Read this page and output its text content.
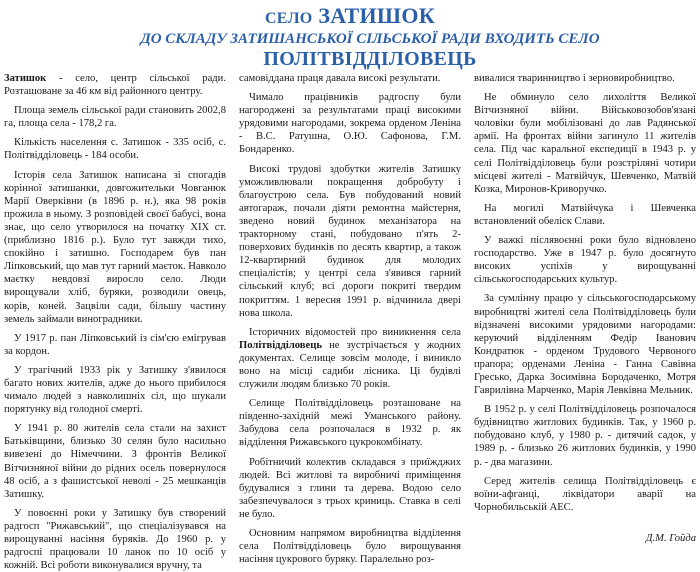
СЕЛО ЗАТИШОК
ДО СКЛАДУ ЗАТИШАНСЬКОЇ СІЛЬСЬКОЇ РАДИ ВХОДИТЬ СЕЛО
ПОЛІТВІДДІЛОВЕЦЬ

Затишок - село, центр сільської ради. Розташоване за 46 км від районного центру.

Площа земель сільської ради становить 2002,8 га, площа села - 178,2 га.

Кількість населення с. Затишок - 335 осіб, с. Політвідділовець - 184 особи.

Історія села Затишок написана зі спогадів корінної затишанки, довгожительки Човганюк Марії Оверківни (в 1896 р. н.), яка 98 років прожила в ньому. З розповідей своєї бабусі, вона знає, що село утворилося на початку XIX ст. (приблизно 1816 р.). Було тут завжди тихо, спокійно і затишно. Господарем був пан Ліпковський, що мав тут гарний маєток. Навколо маєтку невдовзі виросло село. Люди вирощували хліб, буряки, розводили овець, корів, коней. Зацвіли сади, більшу частину земель займали виноградники.

У 1917 р. пан Ліпковський із сім'єю емігрував за кордон.

У трагічний 1933 рік у Затишку з'явилося багато нових жителів, адже до нього прибилося чимало людей з навколишніх сіл, що шукали порятунку від голодної смерті.

У 1941 р. 80 жителів села стали на захист Батьківщини, близько 30 селян було насильно вивезені до Німеччини. З фронтів Великої Вітчизняної війни до рідних осель повернулося 48 осіб, а з фашистської неволі - 25 мешканців Затишку.

У повоєнні роки у Затишку був створений радгосп "Рижавський", що спеціалізувався на вирощуванні насіння буряків. До 1960 р. у радгоспі працювали 10 ланок по 10 осіб у кожній. Всі роботи виконувалися вручну, та

самовіддана праця давала високі результати.

Чимало працівників радгоспу були нагороджені за результатами праці високими урядовими нагородами, зокрема орденом Леніна - В.С. Ратушна, О.Ю. Сафонова, Г.М. Бондаренко.

Високі трудові здобутки жителів Затишку уможливлювали покращення добробуту і благоустрою села. Був побудований новий автогараж, почали діяти ремонтна майстерня, зведено новий будинок механізатора на тракторному стані, побудовано п'ять 2-поверхових будинків по десять квартир, а також 12-квартирний будинок для молодих спеціалістів; у центрі села з'явився гарний сільський клуб; всі дороги покриті твердим покриттям. 1 вересня 1991 р. відчинила двері нова школа.

Історичних відомостей про виникнення села Політвідділовець не зустрічається у жодних документах. Селище зовсім молоде, і виникло воно на місці садиби лісника. Ці будівлі служили людям близько 70 років.

Селище Політвідділовець розташоване на південно-західній межі Уманського району. Забудова села розпочалася в 1932 р. як відділення Рижавського цукрокомбінату.

Робітничий колектив складався з приїжджих людей. Всі житлові та виробничі приміщення будувалися з глини та дерева. Водою село забезпечувалося з трьох криниць. Ставка в селі не було.

Основним напрямом виробництва відділення села Політвідділовець було вирощування насіння цукрового буряку. Паралельно роз-

вивалися тваринництво і зерновиробництво.

Не обминуло село лихоліття Великої Вітчизняної війни. Військовозобов'язані чоловіки були мобілізовані до лав Радянської армії. На фронтах війни загинуло 11 жителів села. Під час каральної експедиції в 1943 р. у селі Політвідділовець були розстріляні чотири місцеві жителі - Матвійчук, Шевченко, Матвій Козка, Миронов-Криворучко.

На могилі Матвійчука і Шевченка встановлений обеліск Слави.

У важкі післявоєнні роки було відновлено господарство. Уже в 1947 р. було досягнуто високих успіхів у вирощуванні сільськогосподарських культур.

За сумлінну працю у сільськогосподарському виробництві жителі села Політвідділовець були відзначені високими урядовими нагородами: керуючий відділенням Федір Іванович Кондратюк - орденом Трудового Червоного прапора; орденами Леніна - Ганна Савівна Гресько, Дарка Зосимівна Бородаченко, Мотря Гаврилівна Марченко, Марія Левківна Мельник.

В 1952 р. у селі Політвідділовець розпочалося будівництво житлових будинків. Так, у 1960 р. побудовано клуб, у 1980 р. - дитячий садок, у 1989 р. - близько 26 житлових будинків, у 1990 р. - два магазини.

Серед жителів селища Політвідділовець є воїни-афганці, ліквідатори аварії на Чорнобильській АЕС.

Д.М. Гойда
